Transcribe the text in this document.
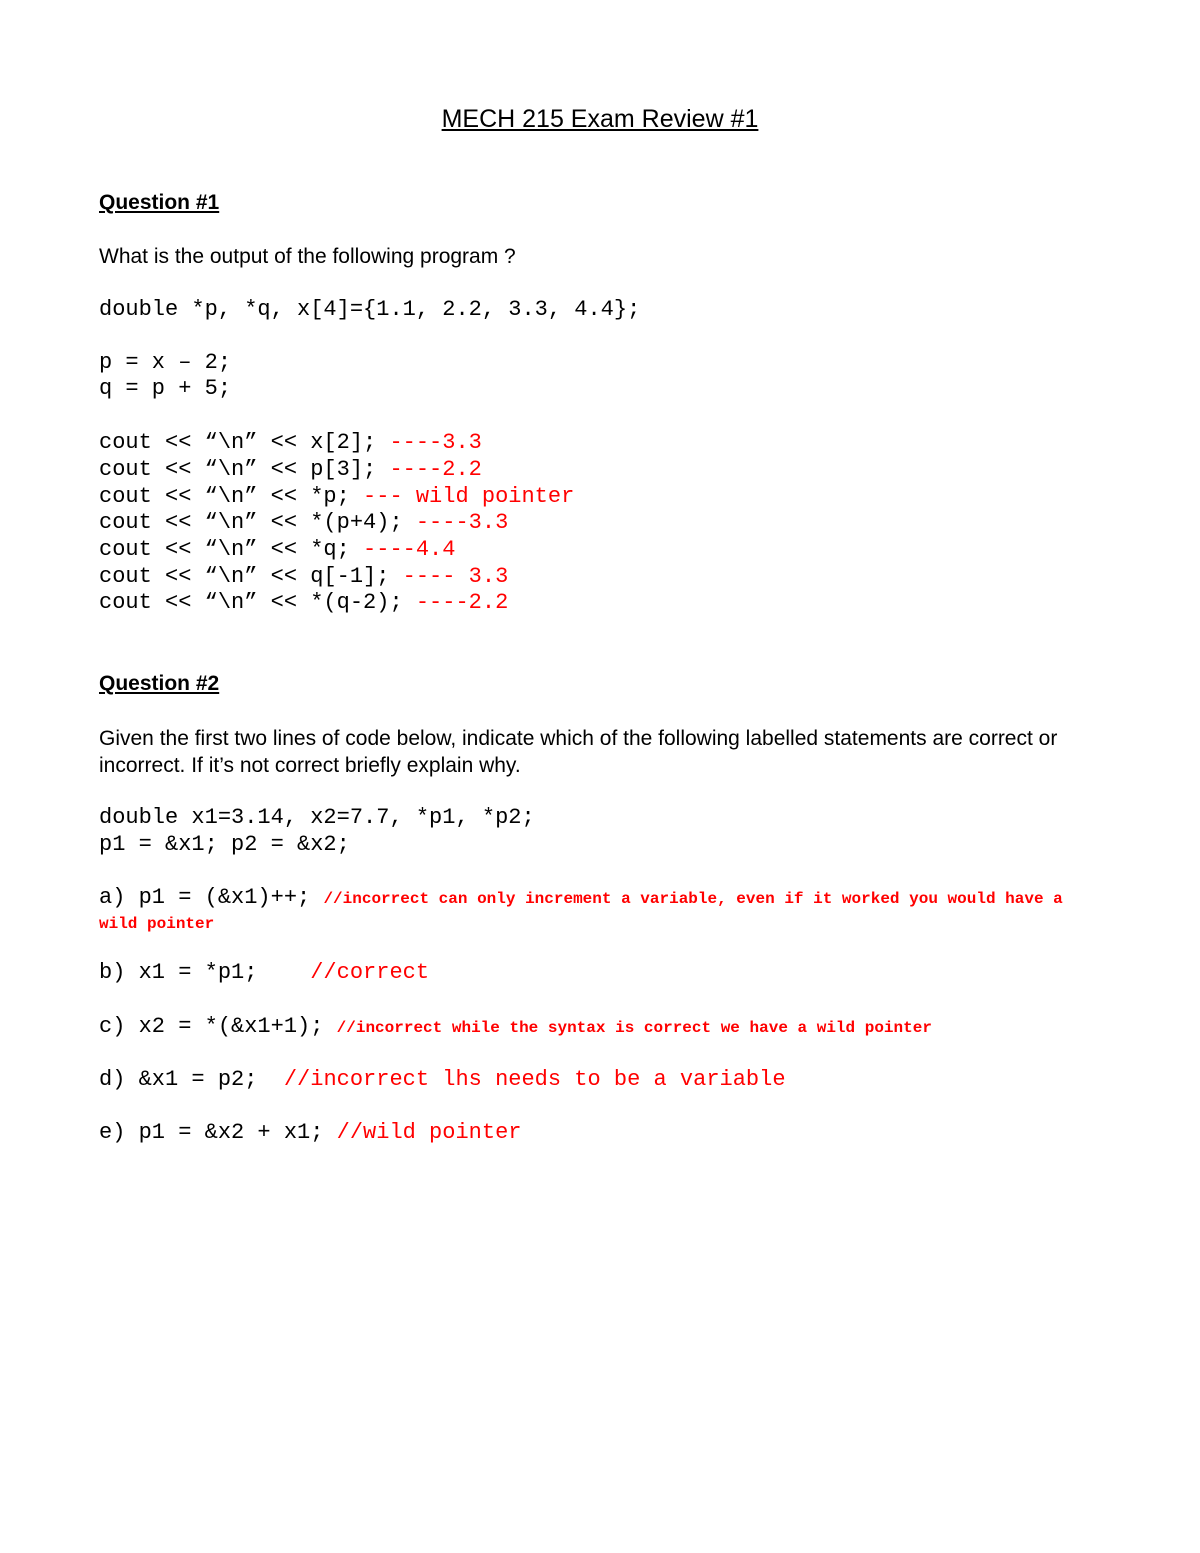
MECH 215 Exam Review #1
Question #1
What is the output of the following program ?
double *p, *q, x[4]={1.1, 2.2, 3.3, 4.4};
p = x – 2;
q = p + 5;
cout << “\n” << x[2]; ----3.3
cout << “\n” << p[3]; ----2.2
cout << “\n” << *p; --- wild pointer
cout << “\n” << *(p+4); ----3.3
cout << “\n” << *q; ----4.4
cout << “\n” << q[-1]; ---- 3.3
cout << “\n” << *(q-2); ----2.2
Question #2
Given the first two lines of code below, indicate which of the following labelled statements are correct or incorrect. If it’s not correct briefly explain why.
double x1=3.14, x2=7.7, *p1, *p2;
p1 = &x1; p2 = &x2;
a) p1 = (&x1)++; //incorrect can only increment a variable, even if it worked you would have a wild pointer
b) x1 = *p1;    //correct
c) x2 = *(&x1+1); //incorrect while the syntax is correct we have a wild pointer
d) &x1 = p2;  //incorrect lhs needs to be a variable
e) p1 = &x2 + x1; //wild pointer
